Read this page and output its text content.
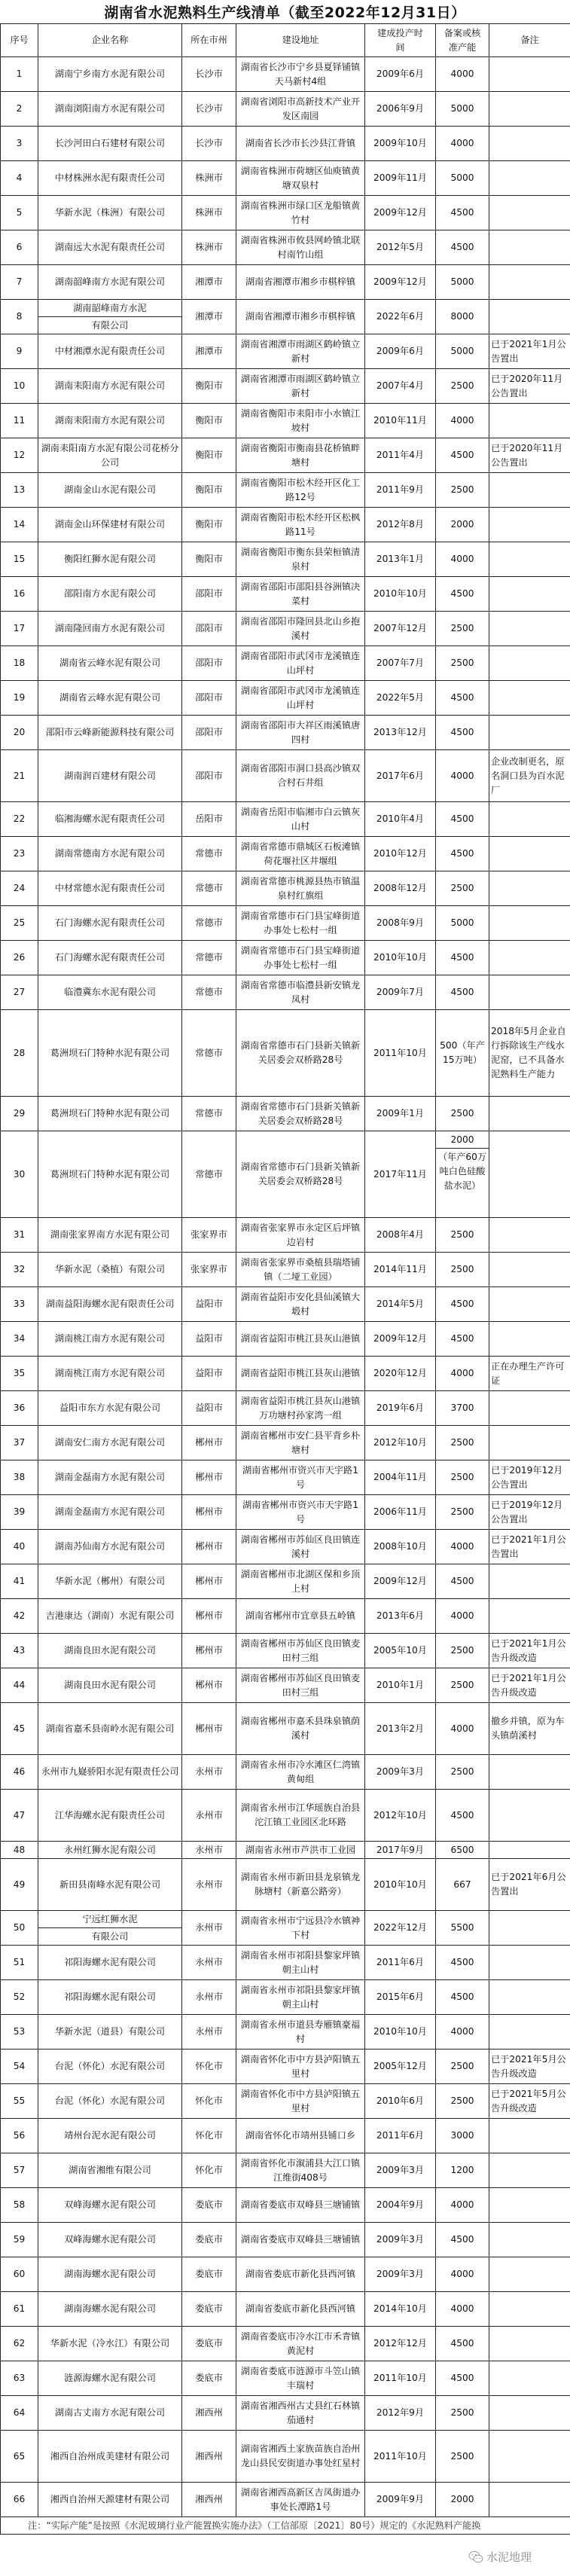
湖南省水泥熟料生产线清单（截至2022年12月31日）
序号	企业名称	所在市州	建设地址	建成投产时间	备案或核准产能	备注
1	湖南宁乡南方水泥有限公司	长沙市	湖南省长沙市宁乡县夏铎铺镇天马新村4组	2009年6月	4000	
2	湖南浏阳南方水泥有限公司	长沙市	湖南省浏阳市高新技术产业开发区南园	2006年9月	5000	
3	长沙河田白石建材有限公司	长沙市	湖南省长沙市长沙县江背镇	2009年10月	4000	
4	中材株洲水泥有限责任公司	株洲市	湖南省株洲市荷塘区仙庾镇黄塘双泉村	2009年11月	5000	
5	华新水泥（株洲）有限公司	株洲市	湖南省株洲市绿口区龙船镇黄竹村	2009年12月	4500	
6	湖南远大水泥有限责任公司	株洲市	湖南省株洲市攸县网岭镇北联村南竹山组	2012年5月	4500	
7	湖南韶峰南方水泥有限公司	湘潭市	湖南省湘潭市湘乡市棋梓镇	2009年12月	5000	
8	湖南韶峰南方水泥
有限公司	湘潭市	湖南省湘潭市湘乡市棋梓镇	2022年6月	8000	
9	中材湘潭水泥有限责任公司	湘潭市	湖南省湘潭市雨湖区鹤岭镇立新村	2009年6月	5000	已于2021年1月公告置出
10	湖南耒阳南方水泥有限公司	衡阳市	湖南省湘潭市雨湖区鹤岭镇立新村	2007年4月	2500	已于2020年11月公告置出
11	湖南耒阳南方水泥有限公司	衡阳市	湖南省衡阳市耒阳市小水镇江坡村	2010年11月	4000	
12	湖南耒阳南方水泥有限公司花桥分公司	衡阳市	湖南省衡阳市衡南县花桥镇畔塘村	2011年4月	4500	已于2020年11月公告置出
13	湖南金山水泥有限公司	衡阳市	湖南省衡阳市松木经开区化工路12号	2011年9月	2500	
14	湖南金山环保建材有限公司	衡阳市	湖南省衡阳市松木经开区松枫路11号	2012年8月	2000	
15	衡阳红狮水泥有限公司	衡阳市	湖南省衡阳市衡东县荣桓镇清泉村	2013年1月	4000	
16	邵阳南方水泥有限公司	邵阳市	湖南省邵阳市邵阳县谷洲镇决菜村	2010年10月	4500	
17	湖南隆回南方水泥有限公司	邵阳市	湖南省邵阳市隆回县北山乡抱溪村	2007年12月	2500	
18	湖南省云峰水泥有限公司	邵阳市	湖南省邵阳市武冈市龙溪镇连山坪村	2007年7月	2500	
19	湖南省云峰水泥有限公司	邵阳市	湖南省邵阳市武冈市龙溪镇连山坪村	2022年5月	4500	
20	邵阳市云峰新能源科技有限公司	邵阳市	湖南省邵阳市大祥区雨溪镇唐四村	2013年12月	4500	
21	湖南润百建材有限公司	邵阳市	湖南省邵阳市洞口县高沙镇双合村石井组	2017年6月	4000	企业改制更名，原名洞口县为百水泥厂
22	临湘海螺水泥有限责任公司	岳阳市	湖南省岳阳市临湘市白云镇灰山村	2010年4月	4500	
23	湖南常德南方水泥有限公司	常德市	湖南省常德市鼎城区石板滩镇荷花堰社区井堰组	2010年12月	4500	
24	中材常德水泥有限责任公司	常德市	湖南省常德市桃源县热市镇温泉村红旗组	2008年12月	2500	
25	石门海螺水泥有限责任公司	常德市	湖南省常德市石门县宝峰街道办事处七松村一组	2008年9月	5000	
26	石门海螺水泥有限责任公司	常德市	湖南省常德市石门县宝峰街道办事处七松村一组	2010年10月	4500	
27	临澧冀东水泥有限公司	常德市	湖南省常德市临澧县新安镇龙凤村	2009年7月	4500	
28	葛洲坝石门特种水泥有限公司	常德市	湖南省常德市石门县新关镇新关居委会双桥路28号	2011年10月	500（年产15万吨）	2018年5月企业自行拆除该生产线水泥窑，已不具备水泥熟料生产能力
29	葛洲坝石门特种水泥有限公司	常德市	湖南省常德市石门县新关镇新关居委会双桥路28号	2009年1月	2500	
30	葛洲坝石门特种水泥有限公司	常德市	湖南省常德市石门县新关镇新关居委会双桥路28号	2017年11月	2000
（年产60万吨白色硅酸盐水泥）	

31	湖南张家界南方水泥有限公司	张家界市	湖南省张家界市永定区后坪镇边岩村	2008年4月	2500	
32	华新水泥（桑植）有限公司	张家界市	湖南省张家界市桑植县瑞塔铺镇（二垭工业园）	2014年11月	2500	
33	湖南益阳海螺水泥有限责任公司	益阳市	湖南省益阳市安化县仙溪镇大塅村	2014年5月	4500	
34	湖南桃江南方水泥有限公司	益阳市	湖南省益阳市桃江县灰山港镇	2009年12月	4500	
35	湖南桃江南方水泥有限公司	益阳市	湖南省益阳市桃江县灰山港镇	2020年12月	4000	正在办理生产许可证
36	益阳市东方水泥有限公司	益阳市	湖南省益阳市桃江县灰山港镇万功塘村孙家湾一组	2019年6月	3700	
37	湖南安仁南方水泥有限公司	郴州市	湖南省郴州市安仁县平背乡朴塘村	2012年10月	2500	
38	湖南金磊南方水泥有限公司	郴州市	湖南省郴州市资兴市天宇路1号	2004年11月	2500	已于2019年12月公告置出
39	湖南金磊南方水泥有限公司	郴州市	湖南省郴州市资兴市天宇路1号	2006年11月	2500	已于2019年12月公告置出
40	湖南苏仙南方水泥有限公司	郴州市	湖南省郴州市苏仙区良田镇连溪村	2008年10月	4000	已于2021年1月公告置出
41	华新水泥（郴州）有限公司	郴州市	湖南省郴州市北湖区保和乡顶上村	2009年12月	4500	
42	吉港康达（湖南）水泥有限公司	郴州市	湖南省郴州市宜章县五岭镇	2013年6月	4000	
43	湖南良田水泥有限公司	郴州市	湖南省郴州市苏仙区良田镇麦田村三组	2005年10月	2500	已于2021年1月公告升级改造
44	湖南良田水泥有限公司	郴州市	湖南省郴州市苏仙区良田镇麦田村三组	2010年1月	2500	已于2021年1月公告升级改造
45	湖南省嘉禾县南岭水泥有限公司	郴州市	湖南省郴州市嘉禾县珠泉镇荫溪村	2013年2月	4000	撤乡并镇，原为车头镇荫溪村
46	永州市九嶷骄阳水泥有限责任公司	永州市	湖南省永州市冷水滩区仁湾镇黄甸组	2009年3月	2500	
47	江华海螺水泥有限责任公司	永州市	湖南省永州市江华瑶族自治县沱江镇工业园区北环路	2012年10月	4500	
48	永州红狮水泥有限公司	永州市	湖南省永州市芦洪市工业园	2017年9月	6500	
49	新田县南峰水泥有限公司	永州市	湖南省永州市新田县龙泉镇龙脉塘村（新嘉公路旁）	2010年10月	667	已于2021年6月公告置出
50	宁远红狮水泥
有限公司	永州市	湖南省永州市宁远县冷水镇神下村	2022年12月	5500	
51	祁阳海螺水泥有限公司	永州市	湖南省永州市祁阳县黎家坪镇朝主山村	2011年6月	4500	
52	祁阳海螺水泥有限公司	永州市	湖南省永州市祁阳县黎家坪镇朝主山村	2015年6月	4500	
53	华新水泥（道县）有限公司	永州市	湖南省永州市道县寿雁镇豪福村	2010年10月	4000	
54	台泥（怀化）水泥有限公司	怀化市	湖南省怀化市中方县泸阳镇五里村	2005年12月	2500	已于2021年5月公告升级改造
55	台泥（怀化）水泥有限公司	怀化市	湖南省怀化市中方县泸阳镇五里村	2010年6月	2500	已于2021年5月公告升级改造
56	靖州台泥水泥有限公司	怀化市	湖南省怀化市靖州县铺口乡	2011年6月	3000	
57	湖南省湘维有限公司	怀化市	湖南省怀化市溆浦县大江口镇江维街408号	2009年3月	1200	
58	双峰海螺水泥有限公司	娄底市	湖南省娄底市双峰县三塘铺镇	2004年9月	4000	
59	双峰海螺水泥有限公司	娄底市	湖南省娄底市双峰县三塘铺镇	2009年3月	4500	
60	湖南海螺水泥有限公司	娄底市	湖南省娄底市新化县西河镇	2009年3月	4000	
61	湖南海螺水泥有限公司	娄底市	湖南省娄底市新化县西河镇	2014年10月	4000	
62	华新水泥（冷水江）有限公司	娄底市	湖南省娄底市冷水江市禾青镇黄泥村	2012年12月	4500	
63	涟源海螺水泥有限公司	娄底市	湖南省娄底市涟源市斗笠山镇丰瑞村	2011年10月	4500	
64	湖南古丈南方水泥有限公司	湘西州	湖南省湘西州古丈县红石林镇茄通村	2012年9月	2500	
65	湘西自治州成美建材有限公司	湘西州	湖南省湘西土家族苗族自治州龙山县民安街道办事处红星村	2011年10月	2500	
66	湘西自治州天源建材有限公司	湘西州	湖南省湘西高新区吉凤街道办事处长潭路1号	2009年9月	2000	
注：“实际产能”是按照《水泥玻璃行业产能置换实施办法》（工信部原〔2021〕80号）规定的《水泥熟料产能换						
水泥地理
